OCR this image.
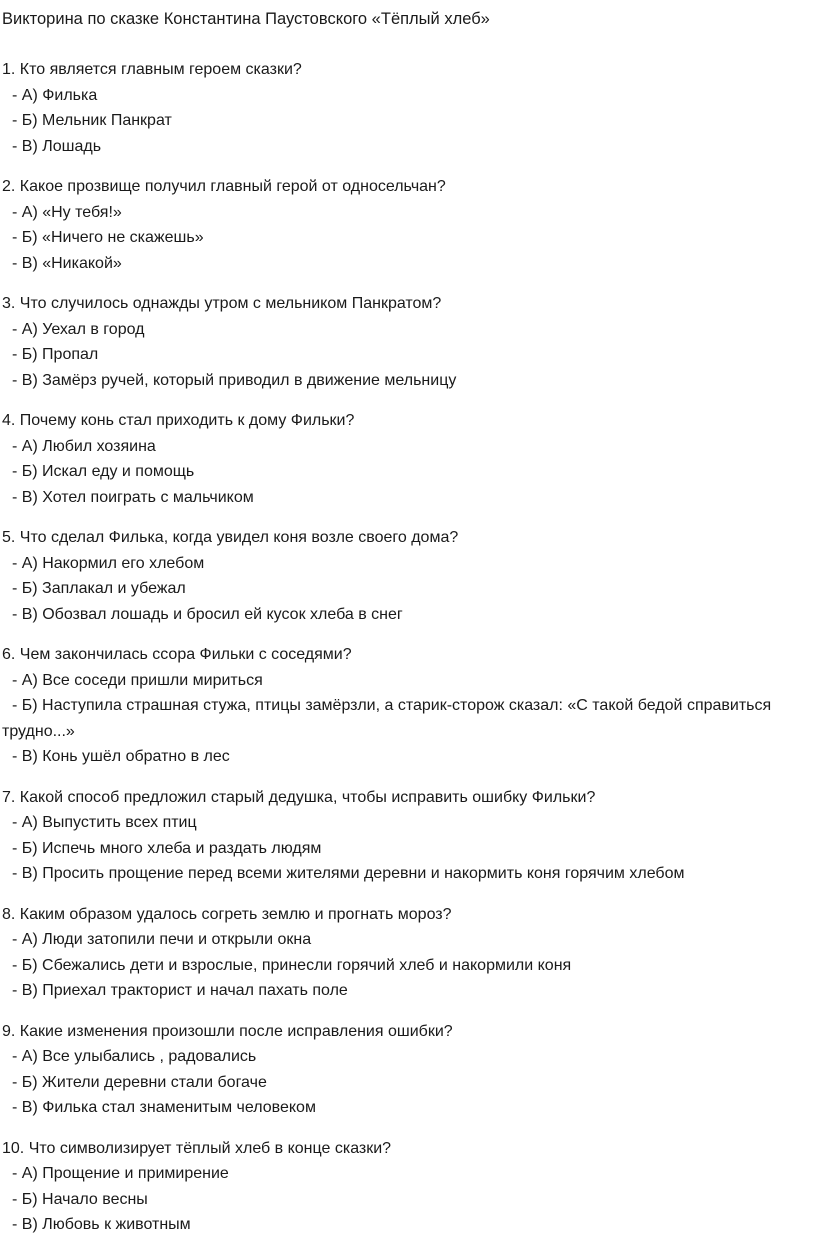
Викторина по сказке Константина Паустовского «Тёплый хлеб»

1. Кто является главным героем сказки?

- А) Филька

- Б) Мельник Панкрат

- В) Лошадь

2. Какое прозвище получил главный герой от односельчан?

- А) «Ну тебя!»

- Б) «Ничего не скажешь»

- В) «Никакой»

3. Что случилось однажды утром с мельником Панкратом?

- А) Уехал в город

- Б) Пропал

- В) Замёрз ручей, который приводил в движение мельницу

4. Почему конь стал приходить к дому Фильки?

- А) Любил хозяина

- Б) Искал еду и помощь

- В) Хотел поиграть с мальчиком

5. Что сделал Филька, когда увидел коня возле своего дома?

- А) Накормил его хлебом

- Б) Заплакал и убежал

- В) Обозвал лошадь и бросил ей кусок хлеба в снег

6. Чем закончилась ссора Фильки с соседями?

- А) Все соседи пришли мириться

- Б) Наступила страшная стужа, птицы замёрзли, а старик-сторож сказал: «С такой бедой справиться трудно...»

- В) Конь ушёл обратно в лес

7. Какой способ предложил старый дедушка, чтобы исправить ошибку Фильки?

- А) Выпустить всех птиц

- Б) Испечь много хлеба и раздать людям

- В) Просить прощение перед всеми жителями деревни и накормить коня горячим хлебом

8. Каким образом удалось согреть землю и прогнать мороз?

- А) Люди затопили печи и открыли окна

- Б) Сбежались дети и взрослые, принесли горячий хлеб и накормили коня

- В) Приехал тракторист и начал пахать поле

9. Какие изменения произошли после исправления ошибки?

- А) Все улыбались , радовались

- Б) Жители деревни стали богаче

- В) Филька стал знаменитым человеком

10. Что символизирует тёплый хлеб в конце сказки?

- А) Прощение и примирение

- Б) Начало весны

- В) Любовь к животным
